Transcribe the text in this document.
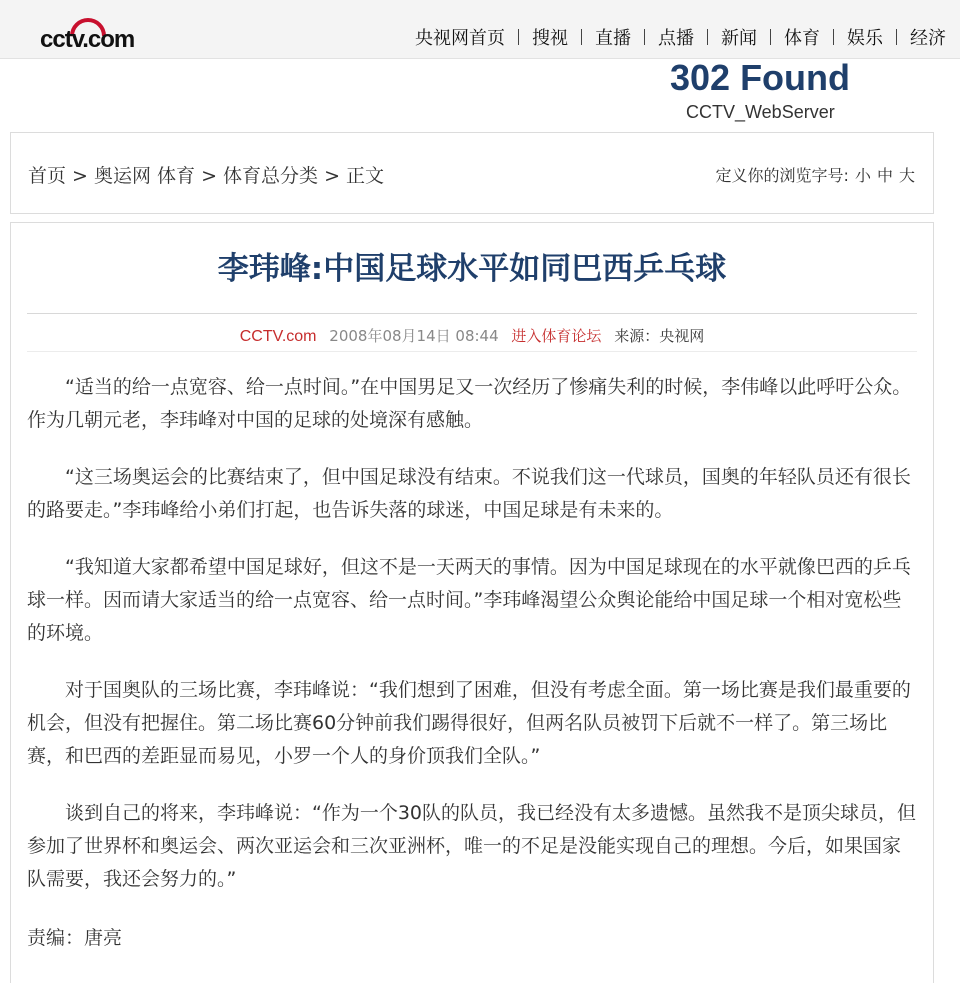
cctv.com	央视网首页 搜视 直播 点播 新闻 体育 娱乐 经济
302 Found
CCTV_WebServer
首页 > 奥运网 体育 > 体育总分类 > 正文	定义你的浏览字号: 小 中 大
李玮峰:中国足球水平如同巴西乒乓球
CCTV.com 2008年08月14日 08:44 进入体育论坛 来源：央视网

“适当的给一点宽容、给一点时间。”在中国男足又一次经历了惨痛失利的时候，李伟峰以此呼吁公众。作为几朝元老，李玮峰对中国的足球的处境深有感触。

“这三场奥运会的比赛结束了，但中国足球没有结束。不说我们这一代球员，国奥的年轻队员还有很长的路要走。”李玮峰给小弟们打起，也告诉失落的球迷，中国足球是有未来的。

“我知道大家都希望中国足球好，但这不是一天两天的事情。因为中国足球现在的水平就像巴西的乒乓球一样。因而请大家适当的给一点宽容、给一点时间。”李玮峰渴望公众舆论能给中国足球一个相对宽松些的环境。

对于国奥队的三场比赛，李玮峰说：“我们想到了困难，但没有考虑全面。第一场比赛是我们最重要的机会，但没有把握住。第二场比赛60分钟前我们踢得很好，但两名队员被罚下后就不一样了。第三场比赛，和巴西的差距显而易见，小罗一个人的身价顶我们全队。”

谈到自己的将来，李玮峰说：“作为一个30队的队员，我已经没有太多遗憾。虽然我不是顶尖球员，但参加了世界杯和奥运会、两次亚运会和三次亚洲杯，唯一的不足是没能实现自己的理想。今后，如果国家队需要，我还会努力的。”

责编：唐亮
